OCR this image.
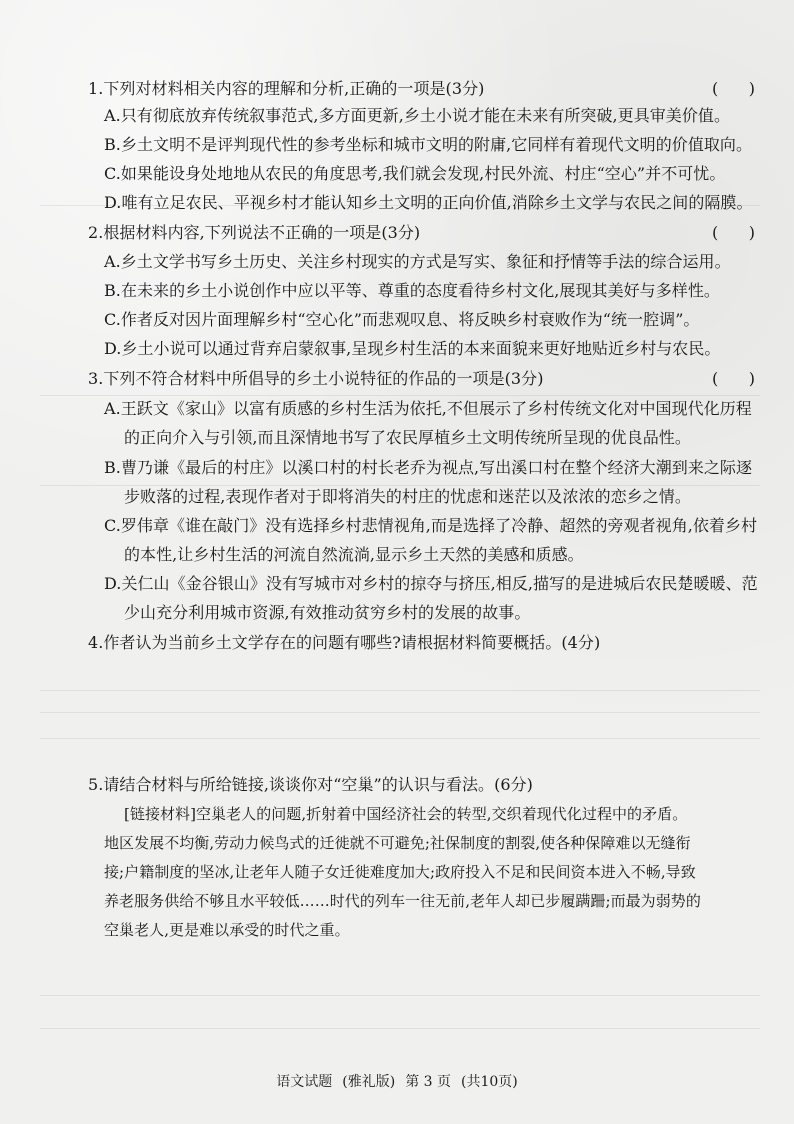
1.下列对材料相关内容的理解和分析,正确的一项是(3分)	(      )
A.只有彻底放弃传统叙事范式,多方面更新,乡土小说才能在未来有所突破,更具审美价值。
B.乡土文明不是评判现代性的参考坐标和城市文明的附庸,它同样有着现代文明的价值取向。
C.如果能设身处地地从农民的角度思考,我们就会发现,村民外流、村庄“空心”并不可忧。
D.唯有立足农民、平视乡村才能认知乡土文明的正向价值,消除乡土文学与农民之间的隔膜。
2.根据材料内容,下列说法不正确的一项是(3分)	(      )
A.乡土文学书写乡土历史、关注乡村现实的方式是写实、象征和抒情等手法的综合运用。
B.在未来的乡土小说创作中应以平等、尊重的态度看待乡村文化,展现其美好与多样性。
C.作者反对因片面理解乡村“空心化”而悲观叹息、将反映乡村衰败作为“统一腔调”。
D.乡土小说可以通过背弃启蒙叙事,呈现乡村生活的本来面貌来更好地贴近乡村与农民。
3.下列不符合材料中所倡导的乡土小说特征的作品的一项是(3分)	(      )
A.王跃文《家山》以富有质感的乡村生活为依托,不但展示了乡村传统文化对中国现代化历程
的正向介入与引领,而且深情地书写了农民厚植乡土文明传统所呈现的优良品性。
B.曹乃谦《最后的村庄》以溪口村的村长老乔为视点,写出溪口村在整个经济大潮到来之际逐
步败落的过程,表现作者对于即将消失的村庄的忧虑和迷茫以及浓浓的恋乡之情。
C.罗伟章《谁在敲门》没有选择乡村悲情视角,而是选择了冷静、超然的旁观者视角,依着乡村
的本性,让乡村生活的河流自然流淌,显示乡土天然的美感和质感。
D.关仁山《金谷银山》没有写城市对乡村的掠夺与挤压,相反,描写的是进城后农民楚暖暖、范
少山充分利用城市资源,有效推动贫穷乡村的发展的故事。
4.作者认为当前乡土文学存在的问题有哪些?请根据材料简要概括。(4分)
5.请结合材料与所给链接,谈谈你对“空巢”的认识与看法。(6分)
[链接材料]空巢老人的问题,折射着中国经济社会的转型,交织着现代化过程中的矛盾。
地区发展不均衡,劳动力候鸟式的迁徙就不可避免;社保制度的割裂,使各种保障难以无缝衔
接;户籍制度的坚冰,让老年人随子女迁徙难度加大;政府投入不足和民间资本进入不畅,导致
养老服务供给不够且水平较低……时代的列车一往无前,老年人却已步履蹒跚;而最为弱势的
空巢老人,更是难以承受的时代之重。
语文试题 (雅礼版) 第 3 页 (共10页)
